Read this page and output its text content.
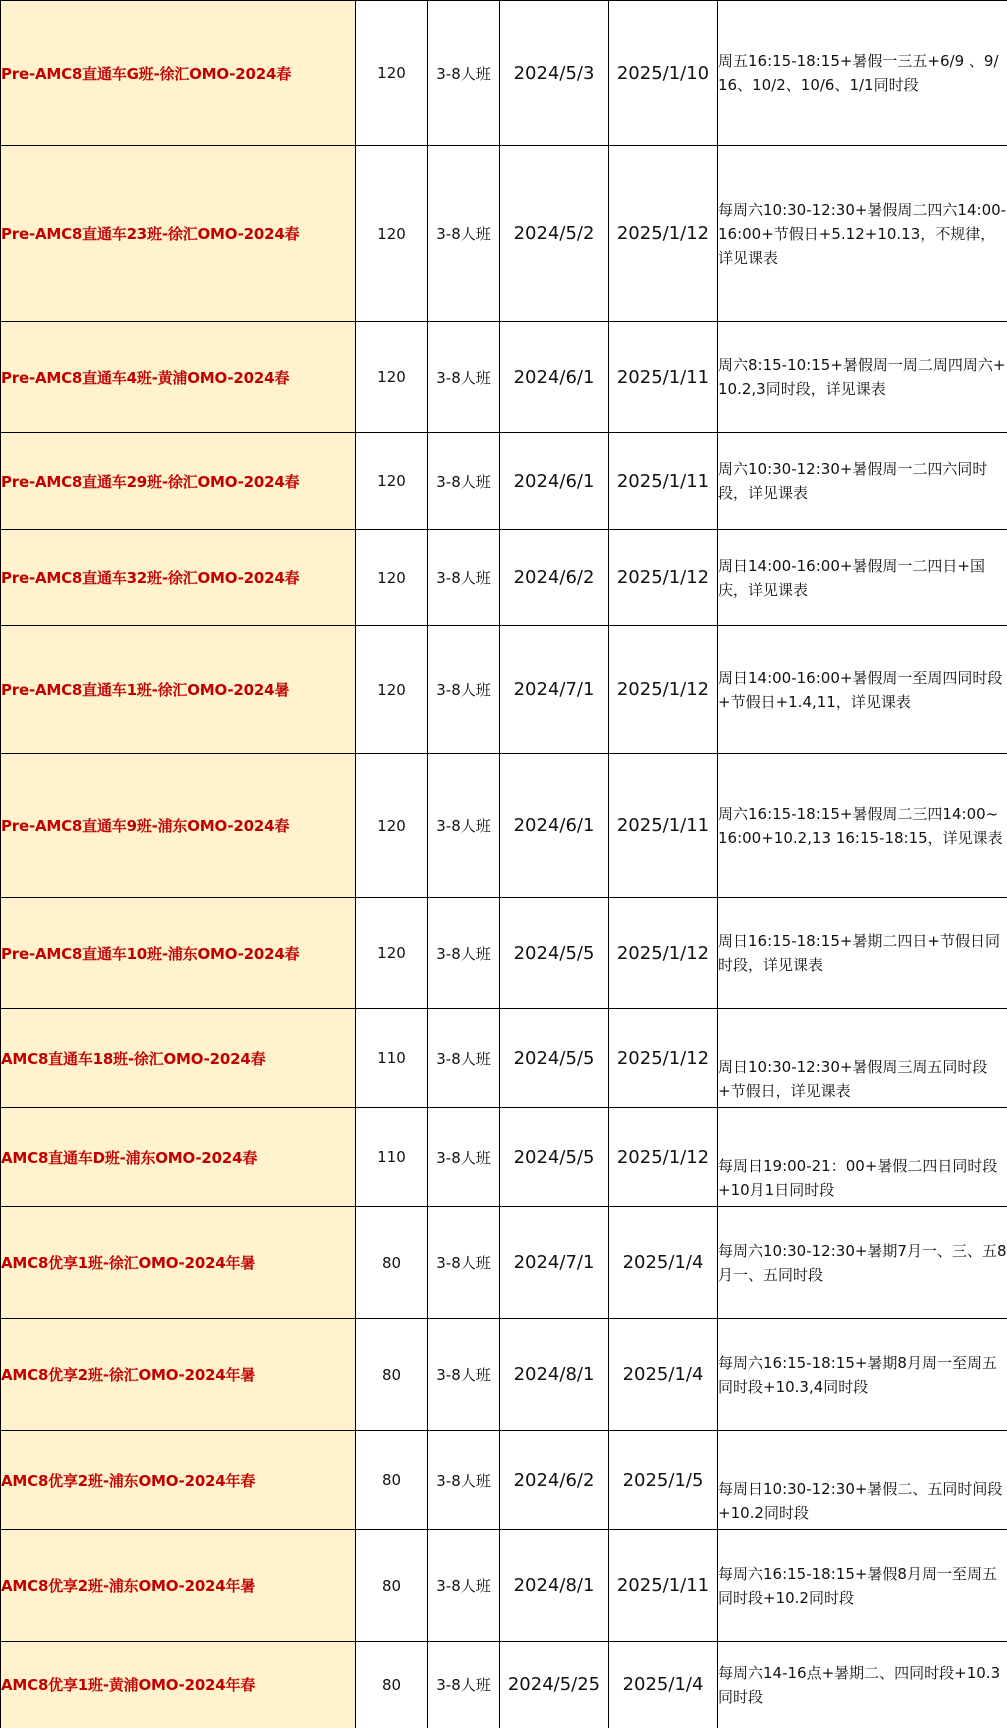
Pre-AMC8直通车G班-徐汇OMO-2024春	120	3-8人班	2024/5/3	2025/1/10	周五16:15-18:15+暑假一三五+6/9 、9/16、10/2、10/6、1/1同时段
Pre-AMC8直通车23班-徐汇OMO-2024春	120	3-8人班	2024/5/2	2025/1/12	每周六10:30-12:30+暑假周二四六14:00-16:00+节假日+5.12+10.13，不规律，详见课表
Pre-AMC8直通车4班-黄浦OMO-2024春	120	3-8人班	2024/6/1	2025/1/11	周六8:15-10:15+暑假周一周二周四周六+10.2,3同时段，详见课表
Pre-AMC8直通车29班-徐汇OMO-2024春	120	3-8人班	2024/6/1	2025/1/11	周六10:30-12:30+暑假周一二四六同时段，详见课表
Pre-AMC8直通车32班-徐汇OMO-2024春	120	3-8人班	2024/6/2	2025/1/12	周日14:00-16:00+暑假周一二四日+国庆，详见课表
Pre-AMC8直通车1班-徐汇OMO-2024暑	120	3-8人班	2024/7/1	2025/1/12	周日14:00-16:00+暑假周一至周四同时段+节假日+1.4,11，详见课表
Pre-AMC8直通车9班-浦东OMO-2024春	120	3-8人班	2024/6/1	2025/1/11	周六16:15-18:15+暑假周二三四14:00~16:00+10.2,13 16:15-18:15，详见课表
Pre-AMC8直通车10班-浦东OMO-2024春	120	3-8人班	2024/5/5	2025/1/12	周日16:15-18:15+暑期二四日+节假日同时段，详见课表
AMC8直通车18班-徐汇OMO-2024春	110	3-8人班	2024/5/5	2025/1/12	周日10:30-12:30+暑假周三周五同时段+节假日，详见课表
AMC8直通车D班-浦东OMO-2024春	110	3-8人班	2024/5/5	2025/1/12	每周日19:00-21：00+暑假二四日同时段+10月1日同时段
AMC8优享1班-徐汇OMO-2024年暑	80	3-8人班	2024/7/1	2025/1/4	每周六10:30-12:30+暑期7月一、三、五8月一、五同时段
AMC8优享2班-徐汇OMO-2024年暑	80	3-8人班	2024/8/1	2025/1/4	每周六16:15-18:15+暑期8月周一至周五同时段+10.3,4同时段
AMC8优享2班-浦东OMO-2024年春	80	3-8人班	2024/6/2	2025/1/5	每周日10:30-12:30+暑假二、五同时间段+10.2同时段
AMC8优享2班-浦东OMO-2024年暑	80	3-8人班	2024/8/1	2025/1/11	每周六16:15-18:15+暑假8月周一至周五同时段+10.2同时段
AMC8优享1班-黄浦OMO-2024年春	80	3-8人班	2024/5/25	2025/1/4	每周六14-16点+暑期二、四同时段+10.3同时段
